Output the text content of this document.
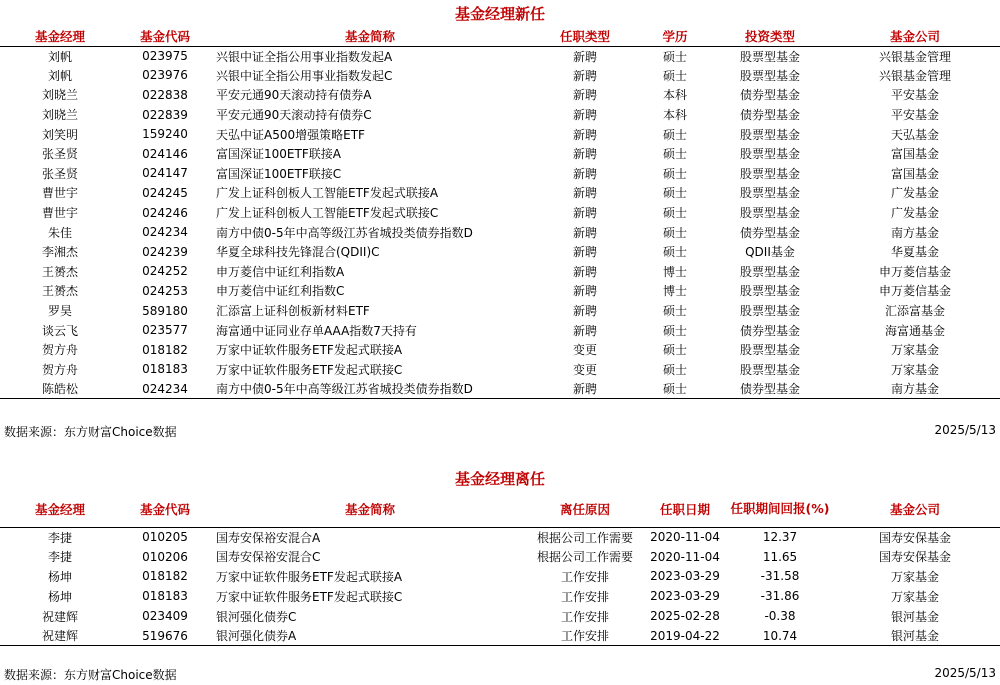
基金经理新任
基金经理	基金代码	基金简称	任职类型	学历	投资类型	基金公司
刘帆	023975	兴银中证全指公用事业指数发起A	新聘	硕士	股票型基金	兴银基金管理
刘帆	023976	兴银中证全指公用事业指数发起C	新聘	硕士	股票型基金	兴银基金管理
刘晓兰	022838	平安元通90天滚动持有债券A	新聘	本科	债券型基金	平安基金
刘晓兰	022839	平安元通90天滚动持有债券C	新聘	本科	债券型基金	平安基金
刘笑明	159240	天弘中证A500增强策略ETF	新聘	硕士	股票型基金	天弘基金
张圣贤	024146	富国深证100ETF联接A	新聘	硕士	股票型基金	富国基金
张圣贤	024147	富国深证100ETF联接C	新聘	硕士	股票型基金	富国基金
曹世宇	024245	广发上证科创板人工智能ETF发起式联接A	新聘	硕士	股票型基金	广发基金
曹世宇	024246	广发上证科创板人工智能ETF发起式联接C	新聘	硕士	股票型基金	广发基金
朱佳	024234	南方中债0-5年中高等级江苏省城投类债券指数D	新聘	硕士	债券型基金	南方基金
李湘杰	024239	华夏全球科技先锋混合(QDII)C	新聘	硕士	QDII基金	华夏基金
王赟杰	024252	申万菱信中证红利指数A	新聘	博士	股票型基金	申万菱信基金
王赟杰	024253	申万菱信中证红利指数C	新聘	博士	股票型基金	申万菱信基金
罗昊	589180	汇添富上证科创板新材料ETF	新聘	硕士	股票型基金	汇添富基金
谈云飞	023577	海富通中证同业存单AAA指数7天持有	新聘	硕士	债券型基金	海富通基金
贺方舟	018182	万家中证软件服务ETF发起式联接A	变更	硕士	股票型基金	万家基金
贺方舟	018183	万家中证软件服务ETF发起式联接C	变更	硕士	股票型基金	万家基金
陈皓松	024234	南方中债0-5年中高等级江苏省城投类债券指数D	新聘	硕士	债券型基金	南方基金
数据来源：东方财富Choice数据	2025/5/13
基金经理离任
基金经理	基金代码	基金简称	离任原因	任职日期	任职期间回报(%)	基金公司
李捷	010205	国寿安保裕安混合A	根据公司工作需要	2020-11-04	12.37	国寿安保基金
李捷	010206	国寿安保裕安混合C	根据公司工作需要	2020-11-04	11.65	国寿安保基金
杨坤	018182	万家中证软件服务ETF发起式联接A	工作安排	2023-03-29	-31.58	万家基金
杨坤	018183	万家中证软件服务ETF发起式联接C	工作安排	2023-03-29	-31.86	万家基金
祝建辉	023409	银河强化债券C	工作安排	2025-02-28	-0.38	银河基金
祝建辉	519676	银河强化债券A	工作安排	2019-04-22	10.74	银河基金
数据来源：东方财富Choice数据	2025/5/13
